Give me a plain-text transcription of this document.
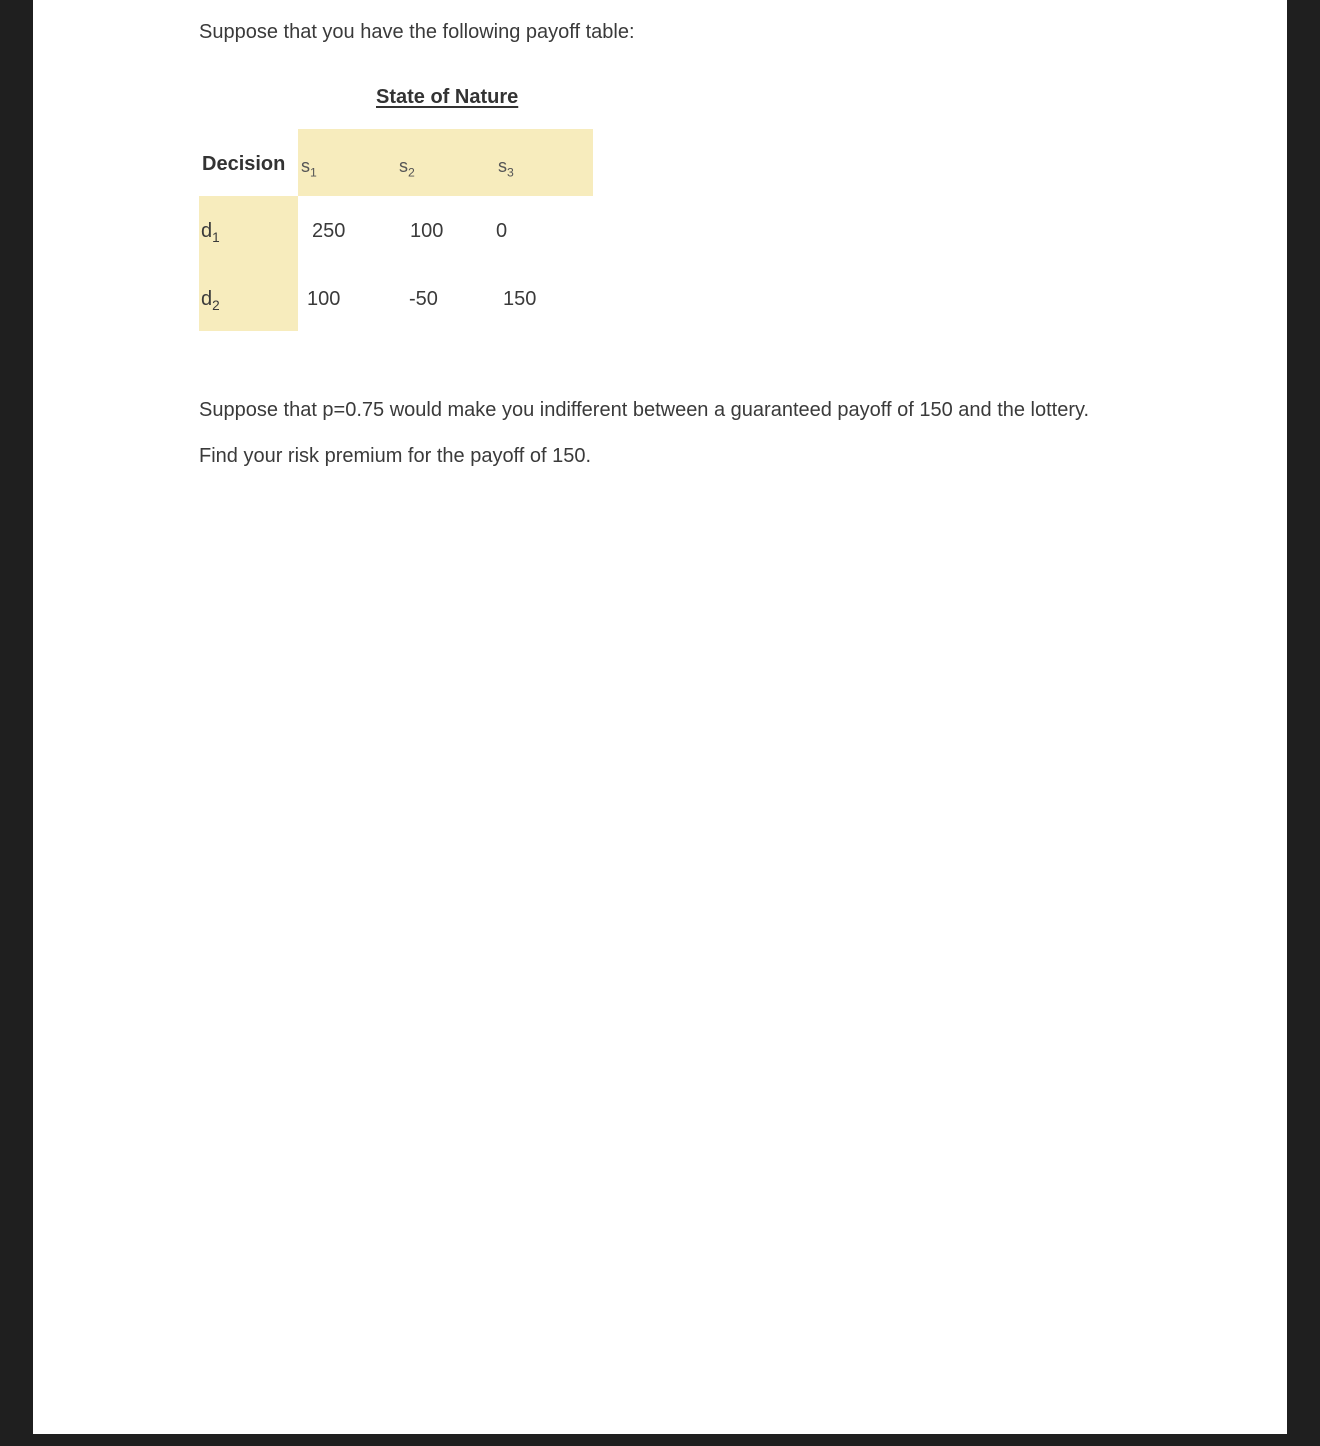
Suppose that you have the following payoff table:
State of Nature
Decision $s_1$	$s_2$	$s_3$
$d_1$	250	100	0
$d_2$	100	-50	150
Suppose that p=0.75 would make you indifferent between a guaranteed payoff of 150 and the lottery.
Find your risk premium for the payoff of 150.
